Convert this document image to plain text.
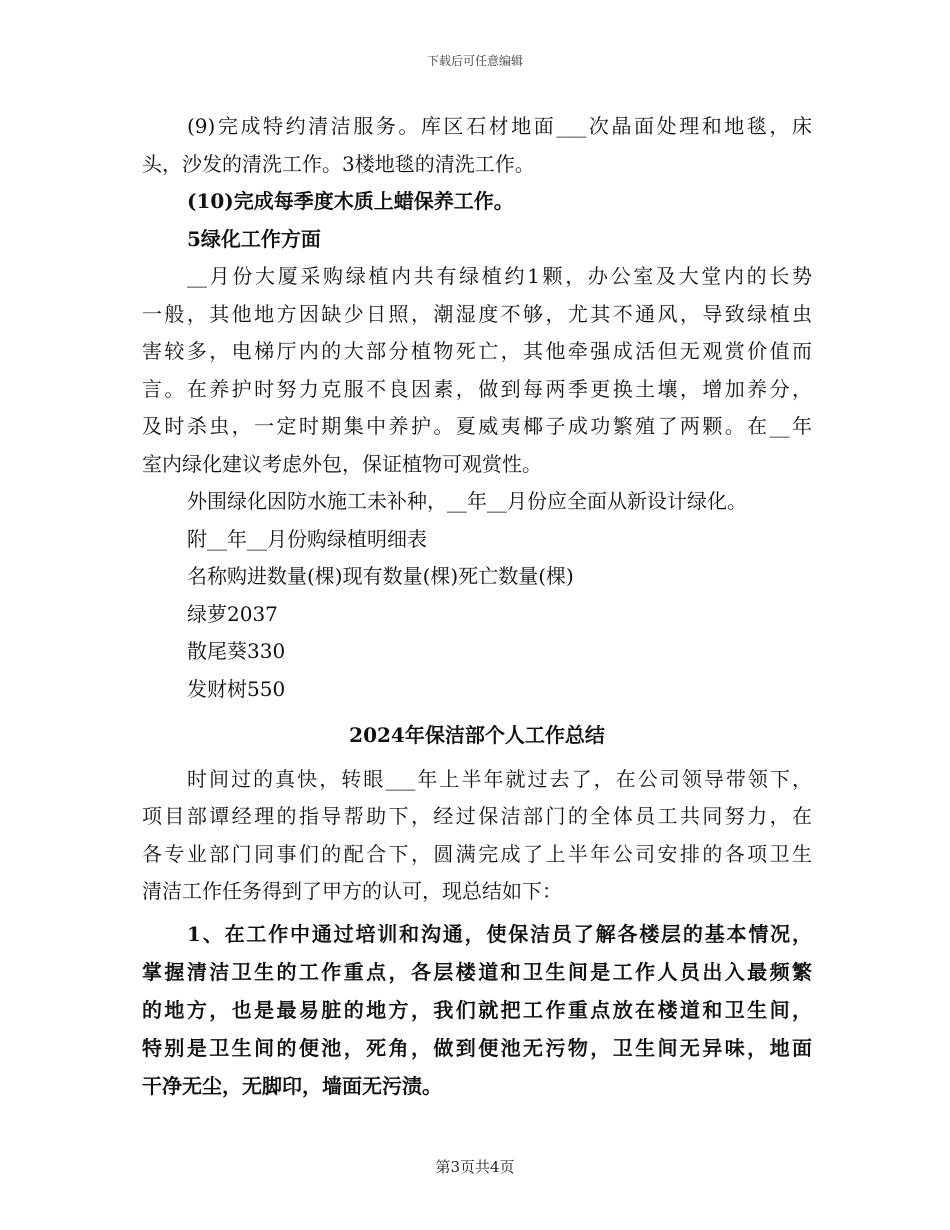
下载后可任意编辑
(9)完成特约清洁服务。库区石材地面___次晶面处理和地毯，床
头，沙发的清洗工作。3楼地毯的清洗工作。
(10)完成每季度木质上蜡保养工作。
5绿化工作方面
__月份大厦采购绿植内共有绿植约1颗，办公室及大堂内的长势
一般，其他地方因缺少日照，潮湿度不够，尤其不通风，导致绿植虫
害较多，电梯厅内的大部分植物死亡，其他牵强成活但无观赏价值而
言。在养护时努力克服不良因素，做到每两季更换土壤，增加养分，
及时杀虫，一定时期集中养护。夏威夷椰子成功繁殖了两颗。在__年
室内绿化建议考虑外包，保证植物可观赏性。
外围绿化因防水施工未补种，__年__月份应全面从新设计绿化。
附__年__月份购绿植明细表
名称购进数量(棵)现有数量(棵)死亡数量(棵)
绿萝2037
散尾葵330
发财树550
2024年保洁部个人工作总结
时间过的真快，转眼___年上半年就过去了，在公司领导带领下，
项目部谭经理的指导帮助下，经过保洁部门的全体员工共同努力，在
各专业部门同事们的配合下，圆满完成了上半年公司安排的各项卫生
清洁工作任务得到了甲方的认可，现总结如下：
1、在工作中通过培训和沟通，使保洁员了解各楼层的基本情况，
掌握清洁卫生的工作重点，各层楼道和卫生间是工作人员出入最频繁
的地方，也是最易脏的地方，我们就把工作重点放在楼道和卫生间，
特别是卫生间的便池，死角，做到便池无污物，卫生间无异味，地面
干净无尘，无脚印，墙面无污渍。
第3页共4页
